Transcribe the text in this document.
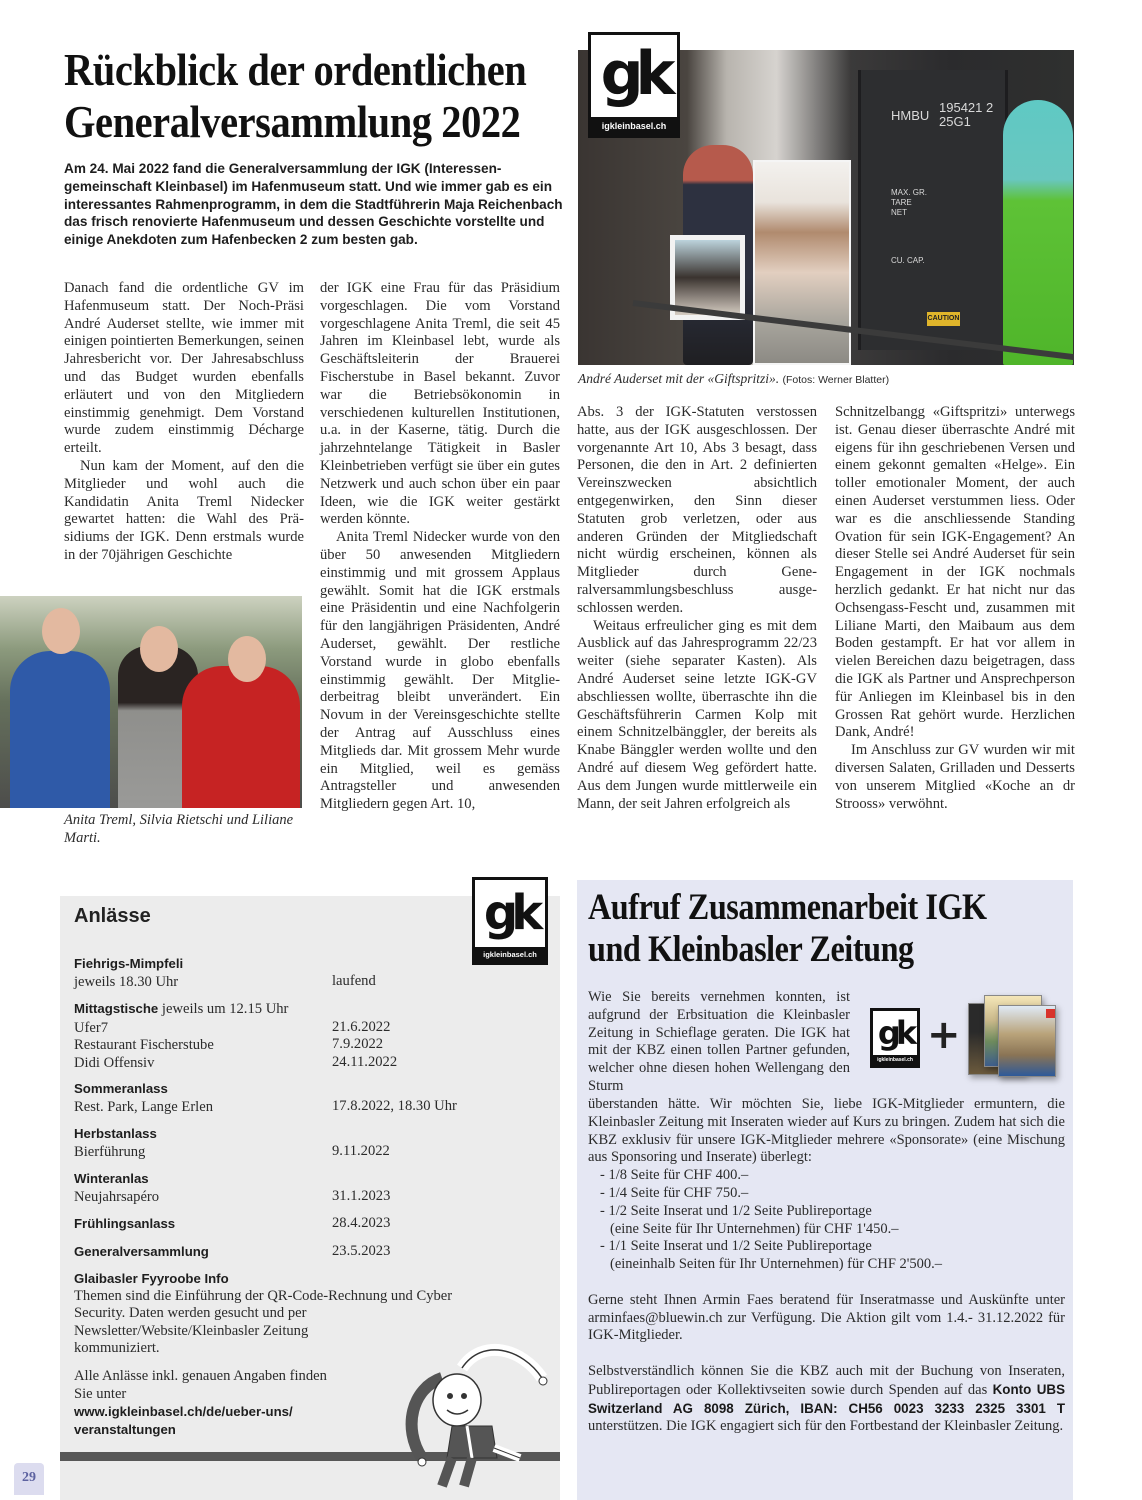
Rückblick der ordentlichen
Generalversammlung 2022
Am 24. Mai 2022 fand die Generalversammlung der IGK (Interessengemeinschaft Kleinbasel) im Hafenmuseum statt. Und wie immer gab es ein interessantes Rahmenprogramm, in dem die Stadtführerin Maja Reichenbach das frisch renovierte Hafenmuseum und dessen Geschichte vorstellte und einige Anekdoten zum Hafenbecken 2 zum besten gab.

Danach fand die ordentliche GV im Hafenmuseum statt. Der Noch-Präsi André Auderset stellte, wie immer mit einigen pointierten Bemerkungen, seinen Jahresbericht vor. Der Jahresabschluss und das Budget wurden ebenfalls erläutert und von den Mitgliedern einstimmig genehmigt. Dem Vorstand wurde zudem einstimmig Décharge erteilt.

Nun kam der Moment, auf den die Mitglieder und wohl auch die Kandidatin Anita Treml Nidecker gewartet hatten: die Wahl des Präsidiums der IGK. Denn erstmals wurde in der 70jährigen Geschichte

der IGK eine Frau für das Präsidium vorgeschlagen. Die vom Vorstand vorgeschlagene Anita Treml, die seit 45 Jahren im Kleinbasel lebt, wurde als Geschäftsleiterin der Brauerei Fischerstube in Basel bekannt. Zuvor war die Betriebsökonomin in verschiedenen kulturellen Institutionen, u.a. in der Kaserne, tätig. Durch die jahrzehntelange Tätigkeit in Basler Kleinbetrieben verfügt sie über ein gutes Netzwerk und auch schon über ein paar Ideen, wie die IGK weiter gestärkt werden könnte.

Anita Treml Nidecker wurde von den über 50 anwesenden Mitgliedern einstimmig und mit grossem Applaus gewählt. Somit hat die IGK erstmals eine Präsidentin und eine Nachfolgerin für den langjährigen Präsidenten, André Auderset, gewählt. Der restliche Vorstand wurde in globo ebenfalls einstimmig gewählt. Der Mitgliederbeitrag bleibt unverändert. Ein Novum in der Vereinsgeschichte stellte der Antrag auf Ausschluss eines Mitglieds dar. Mit grossem Mehr wurde ein Mitglied, weil es gemäss Antragsteller und anwesenden Mitgliedern gegen Art. 10,

Abs. 3 der IGK-Statuten verstossen hatte, aus der IGK ausgeschlossen. Der vorgenannte Art 10, Abs 3 besagt, dass Personen, die den in Art. 2 definierten Vereinszwecken absichtlich entgegenwirken, den Sinn dieser Statuten grob verletzen, oder aus anderen Gründen der Mitgliedschaft nicht würdig erscheinen, können als Mitglieder durch Generalversammlungsbeschluss ausgeschlossen werden.

Weitaus erfreulicher ging es mit dem Ausblick auf das Jahresprogramm 22/23 weiter (siehe separater Kasten). Als André Auderset seine letzte IGK-GV abschliessen wollte, überraschte ihn die Geschäftsführerin Carmen Kolp mit einem Schnitzelbänggler, der bereits als Knabe Bänggler werden wollte und den André auf diesem Weg gefördert hatte. Aus dem Jungen wurde mittlerweile ein Mann, der seit Jahren erfolgreich als

Schnitzelbangg «Giftspritzi» unterwegs ist. Genau dieser überraschte André mit eigens für ihn geschriebenen Versen und einem gekonnt gemalten «Helge». Ein toller emotionaler Moment, der auch einen Auderset verstummen liess. Oder war es die anschliessende Standing Ovation für sein IGK-Engagement? An dieser Stelle sei André Auderset für sein Engagement in der IGK nochmals herzlich gedankt. Er hat nicht nur das Ochsengass-Fescht und, zusammen mit Liliane Marti, den Maibaum aus dem Boden gestampft. Er hat vor allem in vielen Bereichen dazu beigetragen, dass die IGK als Partner und Ansprechperson für Anliegen im Kleinbasel bis in den Grossen Rat gehört wurde. Herzlichen Dank, André!

Im Anschluss zur GV wurden wir mit diversen Salaten, Grilladen und Desserts von unserem Mitglied «Koche an dr Strooss» verwöhnt.

HMBU
195421 2
25G1
MAX. GR.
TARE
NET
CU. CAP.
CAUTION
gk
igkleinbasel.ch
André Auderset mit der «Giftspritzi». (Fotos: Werner Blatter)
Anita Treml, Silvia Rietschi und Liliane Marti.
Anlässe	gk
igkleinbasel.ch
Fiehrigs-Mimpfeli
jeweils 18.30 Uhr	laufend
Mittagstische jeweils um 12.15 Uhr
Ufer7	21.6.2022
Restaurant Fischerstube	7.9.2022
Didi Offensiv	24.11.2022
Sommeranlass
Rest. Park, Lange Erlen	17.8.2022, 18.30 Uhr
Herbstanlass
Bierführung	9.11.2022
Winteranlas
Neujahrsapéro	31.1.2023
Frühlingsanlass	28.4.2023
Generalversammlung	23.5.2023
Glaibasler Fyyroobe Info
Themen sind die Einführung der QR-Code-Rechnung und Cyber
Security. Daten werden gesucht und per
Newsletter/Website/Kleinbasler Zeitung
kommuniziert.
Alle Anlässe inkl. genauen Angaben finden
Sie unter
www.igkleinbasel.ch/de/ueber-uns/
veranstaltungen
29
Aufruf Zusammenarbeit IGK
und Kleinbasler Zeitung
Wie Sie bereits vernehmen konnten, ist aufgrund der Erbsituation die Kleinbasler Zeitung in Schieflage geraten. Die IGK hat mit der KBZ einen tollen Partner gefunden, welcher ohne diesen hohen Wellengang den Sturm
gk
igkleinbasel.ch
+
überstanden hätte. Wir möchten Sie, liebe IGK-Mitglieder ermuntern, die Kleinbasler Zeitung mit Inseraten wieder auf Kurs zu bringen. Zudem hat sich die KBZ exklusiv für unsere IGK-Mitglieder mehrere «Sponsorate» (eine Mischung aus Sponsoring und Inserate) überlegt:
- 1/8 Seite für CHF 400.–
- 1/4 Seite für CHF 750.–
- 1/2 Seite Inserat und 1/2 Seite Publireportage
(eine Seite für Ihr Unternehmen) für CHF 1'450.–
- 1/1 Seite Inserat und 1/2 Seite Publireportage
(eineinhalb Seiten für Ihr Unternehmen) für CHF 2'500.–
Gerne steht Ihnen Armin Faes beratend für Inseratmasse und Auskünfte unter arminfaes@bluewin.ch zur Verfügung. Die Aktion gilt vom 1.4.- 31.12.2022 für IGK-Mitglieder.
Selbstverständlich können Sie die KBZ auch mit der Buchung von Inseraten, Publireportagen oder Kollektivseiten sowie durch Spenden auf das Konto UBS Switzerland AG 8098 Zürich, IBAN: CH56 0023 3233 2325 3301 T unterstützen. Die IGK engagiert sich für den Fortbestand der Kleinbasler Zeitung.
